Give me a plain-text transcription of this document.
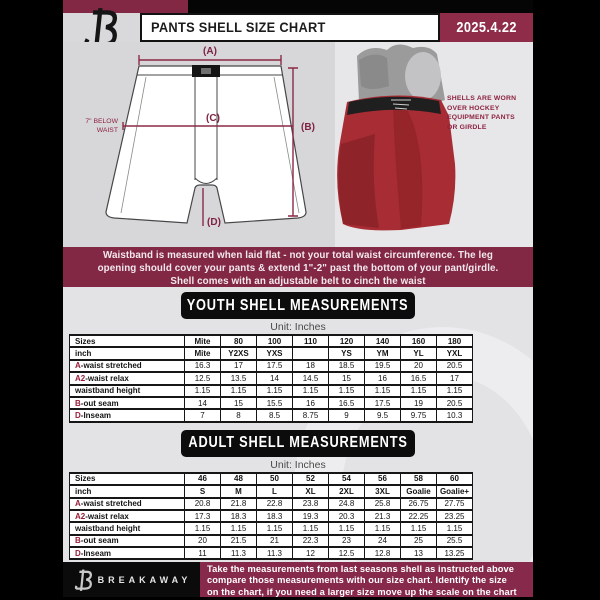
PANTS SHELL SIZE CHART	2025.4.22
(A)
(B)
(C)
(D)
7" BELOW
WAIST
SHELLS ARE WORN
OVER HOCKEY
EQUIPMENT PANTS
OR GIRDLE
Waistband is measured when laid flat - not your total waist circumference. The leg
opening should cover your pants & extend 1"-2" past the bottom of your pant/girdle.
Shell comes with an adjustable belt to cinch the waist
YOUTH SHELL MEASUREMENTS
Unit: Inches
Sizes	Mite	80	100	110	120	140	160	180
inch	Mite	Y2XS	YXS		YS	YM	YL	YXL
A-waist stretched	16.3	17	17.5	18	18.5	19.5	20	20.5
A2-waist relax	12.5	13.5	14	14.5	15	16	16.5	17
waistband height	1.15	1.15	1.15	1.15	1.15	1.15	1.15	1.15
B-out seam	14	15	15.5	16	16.5	17.5	19	20.5
D-Inseam	7	8	8.5	8.75	9	9.5	9.75	10.3
ADULT SHELL MEASUREMENTS
Unit: Inches
Sizes	46	48	50	52	54	56	58	60
inch	S	M	L	XL	2XL	3XL	Goalie	Goalie+
A-waist stretched	20.8	21.8	22.8	23.8	24.8	25.8	26.75	27.75
A2-waist relax	17.3	18.3	18.3	19.3	20.3	21.3	22.25	23.25
waistband height	1.15	1.15	1.15	1.15	1.15	1.15	1.15	1.15
B-out seam	20	21.5	21	22.3	23	24	25	25.5
D-Inseam	11	11.3	11.3	12	12.5	12.8	13	13.25
BREAKAWAY
Take the measurements from last seasons shell as instructed above
compare those measurements with our size chart. Identify the size
on the chart, if you need a larger size move up the scale on the chart
